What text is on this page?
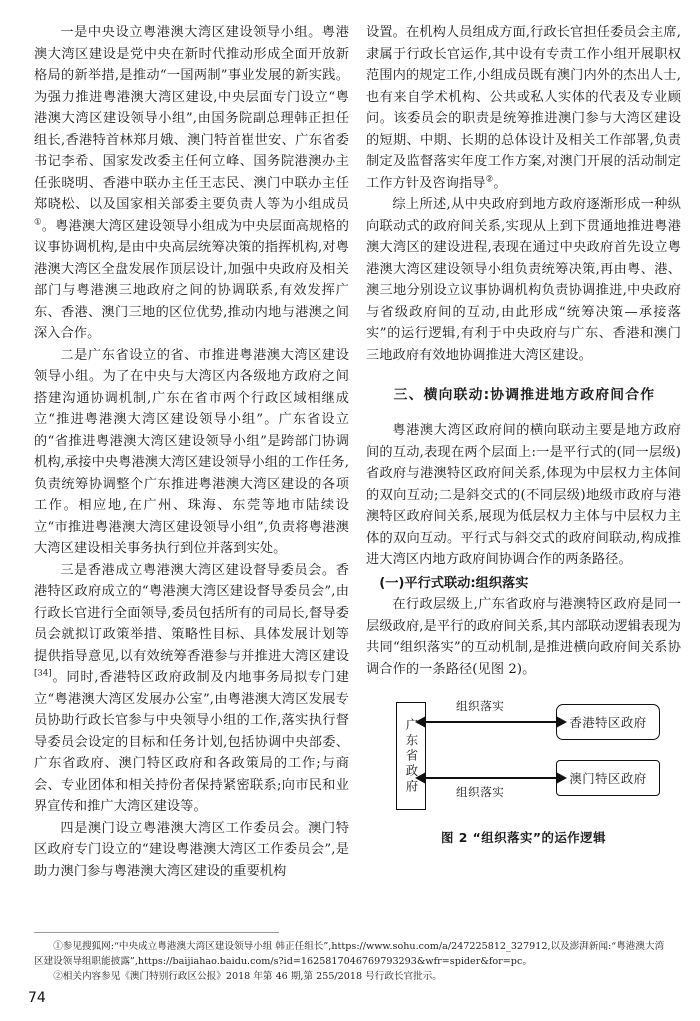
一是中央设立粤港澳大湾区建设领导小组。粤港澳大湾区建设是党中央在新时代推动形成全面开放新格局的新举措,是推动“一国两制”事业发展的新实践。为强力推进粤港澳大湾区建设,中央层面专门设立“粤港澳大湾区建设领导小组”,由国务院副总理韩正担任组长,香港特首林郑月娥、澳门特首崔世安、广东省委书记李希、国家发改委主任何立峰、国务院港澳办主任张晓明、香港中联办主任王志民、澳门中联办主任郑晓松、以及国家相关部委主要负责人等为小组成员①。粤港澳大湾区建设领导小组成为中央层面高规格的议事协调机构,是由中央高层统筹决策的指挥机构,对粤港澳大湾区全盘发展作顶层设计,加强中央政府及相关部门与粤港澳三地政府之间的协调联系,有效发挥广东、香港、澳门三地的区位优势,推动内地与港澳之间深入合作。

二是广东省设立的省、市推进粤港澳大湾区建设领导小组。为了在中央与大湾区内各级地方政府之间搭建沟通协调机制,广东在省市两个行政区域相继成立“推进粤港澳大湾区建设领导小组”。广东省设立的“省推进粤港澳大湾区建设领导小组”是跨部门协调机构,承接中央粤港澳大湾区建设领导小组的工作任务,负责统筹协调整个广东推进粤港澳大湾区建设的各项工作。相应地,在广州、珠海、东莞等地市陆续设立“市推进粤港澳大湾区建设领导小组”,负责将粤港澳大湾区建设相关事务执行到位并落到实处。

三是香港成立粤港澳大湾区建设督导委员会。香港特区政府成立的“粤港澳大湾区建设督导委员会”,由行政长官进行全面领导,委员包括所有的司局长,督导委员会就拟订政策举措、策略性目标、具体发展计划等提供指导意见,以有效统筹香港参与并推进大湾区建设[34]。同时,香港特区政府政制及内地事务局拟专门建立“粤港澳大湾区发展办公室”,由粤港澳大湾区发展专员协助行政长官参与中央领导小组的工作,落实执行督导委员会设定的目标和任务计划,包括协调中央部委、广东省政府、澳门特区政府和各政策局的工作;与商会、专业团体和相关持份者保持紧密联系;向市民和业界宣传和推广大湾区建设等。

四是澳门设立粤港澳大湾区工作委员会。澳门特区政府专门设立的“建设粤港澳大湾区工作委员会”,是助力澳门参与粤港澳大湾区建设的重要机构

设置。在机构人员组成方面,行政长官担任委员会主席,隶属于行政长官运作,其中设有专责工作小组开展职权范围内的规定工作,小组成员既有澳门内外的杰出人士,也有来自学术机构、公共或私人实体的代表及专业顾问。该委员会的职责是统筹推进澳门参与大湾区建设的短期、中期、长期的总体设计及相关工作部署,负责制定及监督落实年度工作方案,对澳门开展的活动制定工作方针及咨询指导②。

综上所述,从中央政府到地方政府逐渐形成一种纵向联动式的政府间关系,实现从上到下贯通地推进粤港澳大湾区的建设进程,表现在通过中央政府首先设立粤港澳大湾区建设领导小组负责统筹决策,再由粤、港、澳三地分别设立议事协调机构负责协调推进,中央政府与省级政府间的互动,由此形成“统筹决策—承接落实”的运行逻辑,有利于中央政府与广东、香港和澳门三地政府有效地协调推进大湾区建设。

三、横向联动:协调推进地方政府间合作

粤港澳大湾区政府间的横向联动主要是地方政府间的互动,表现在两个层面上:一是平行式的(同一层级)省政府与港澳特区政府间关系,体现为中层权力主体间的双向互动;二是斜交式的(不同层级)地级市政府与港澳特区政府间关系,展现为低层权力主体与中层权力主体的双向互动。平行式与斜交式的政府间联动,构成推进大湾区内地方政府间协调合作的两条路径。

(一)平行式联动:组织落实

在行政层级上,广东省政府与港澳特区政府是同一层级政府,是平行的政府间关系,其内部联动逻辑表现为共同“组织落实”的互动机制,是推进横向政府间关系协调合作的一条路径(见图 2)。

广东省政府	香港特区政府
澳门特区政府
组织落实
组织落实
图 2 “组织落实”的运作逻辑

①参见搜狐网:“中央成立粤港澳大湾区建设领导小组 韩正任组长”,https://www.sohu.com/a/247225812_327912,以及澎湃新闻:“粤港澳大湾区建设领导组职能披露”,https://baijiahao.baidu.com/s?id=1625817046769793293&wfr=spider&for=pc。

②相关内容参见《澳门特别行政区公报》2018 年第 46 期,第 255/2018 号行政长官批示。

74
